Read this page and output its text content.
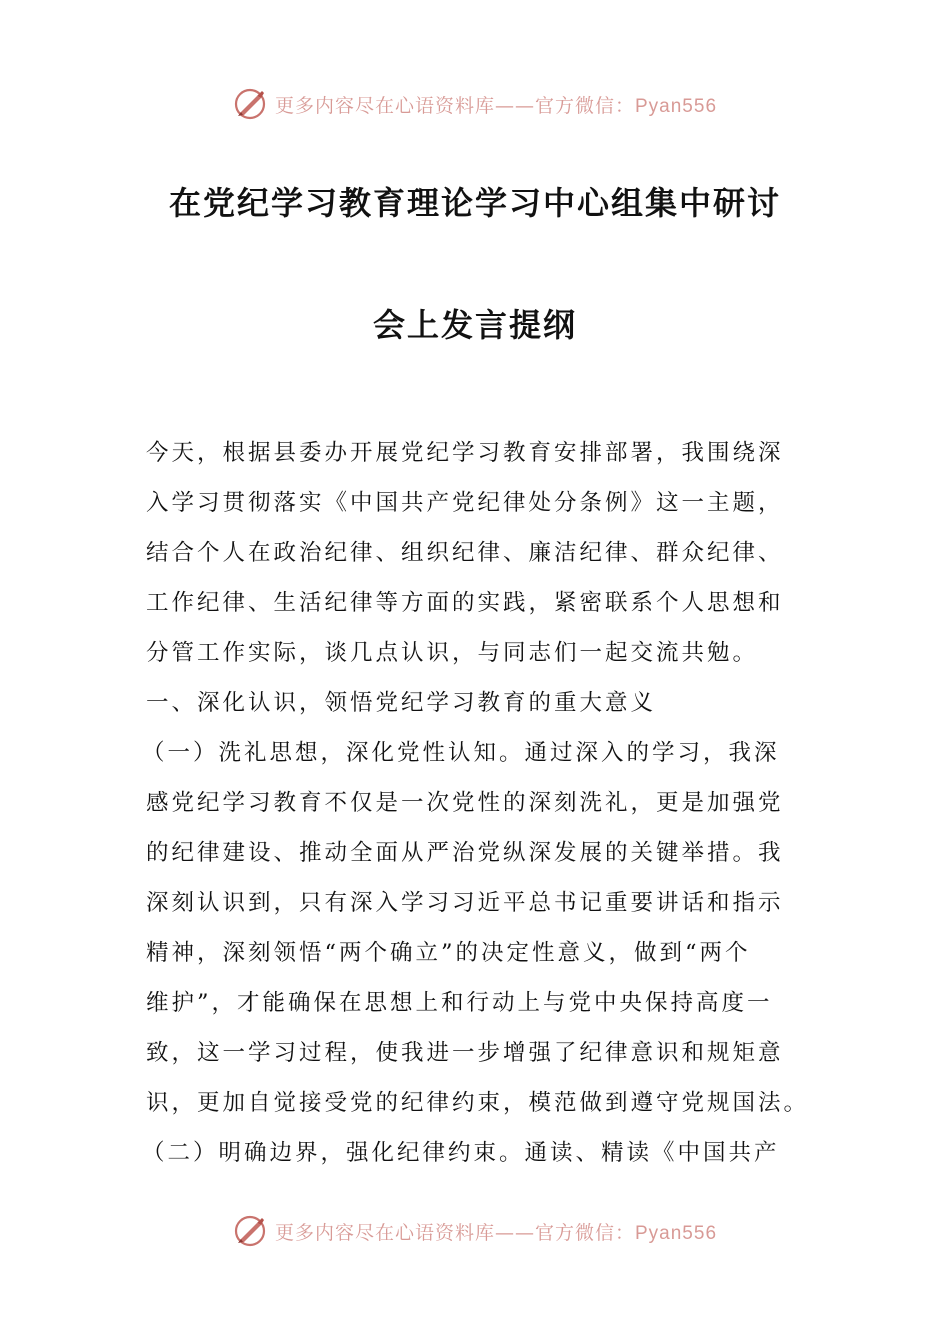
更多内容尽在心语资料库——官方微信：Pyan556
在党纪学习教育理论学习中心组集中研讨
会上发言提纲
今天，根据县委办开展党纪学习教育安排部署，我围绕深
入学习贯彻落实《中国共产党纪律处分条例》这一主题，
结合个人在政治纪律、组织纪律、廉洁纪律、群众纪律、
工作纪律、生活纪律等方面的实践，紧密联系个人思想和
分管工作实际，谈几点认识，与同志们一起交流共勉。
一、深化认识，领悟党纪学习教育的重大意义
（一）洗礼思想，深化党性认知。通过深入的学习，我深
感党纪学习教育不仅是一次党性的深刻洗礼，更是加强党
的纪律建设、推动全面从严治党纵深发展的关键举措。我
深刻认识到，只有深入学习习近平总书记重要讲话和指示
精神，深刻领悟“两个确立”的决定性意义，做到“两个
维护”，才能确保在思想上和行动上与党中央保持高度一
致，这一学习过程，使我进一步增强了纪律意识和规矩意
识，更加自觉接受党的纪律约束，模范做到遵守党规国法。
（二）明确边界，强化纪律约束。通读、精读《中国共产
更多内容尽在心语资料库——官方微信：Pyan556
